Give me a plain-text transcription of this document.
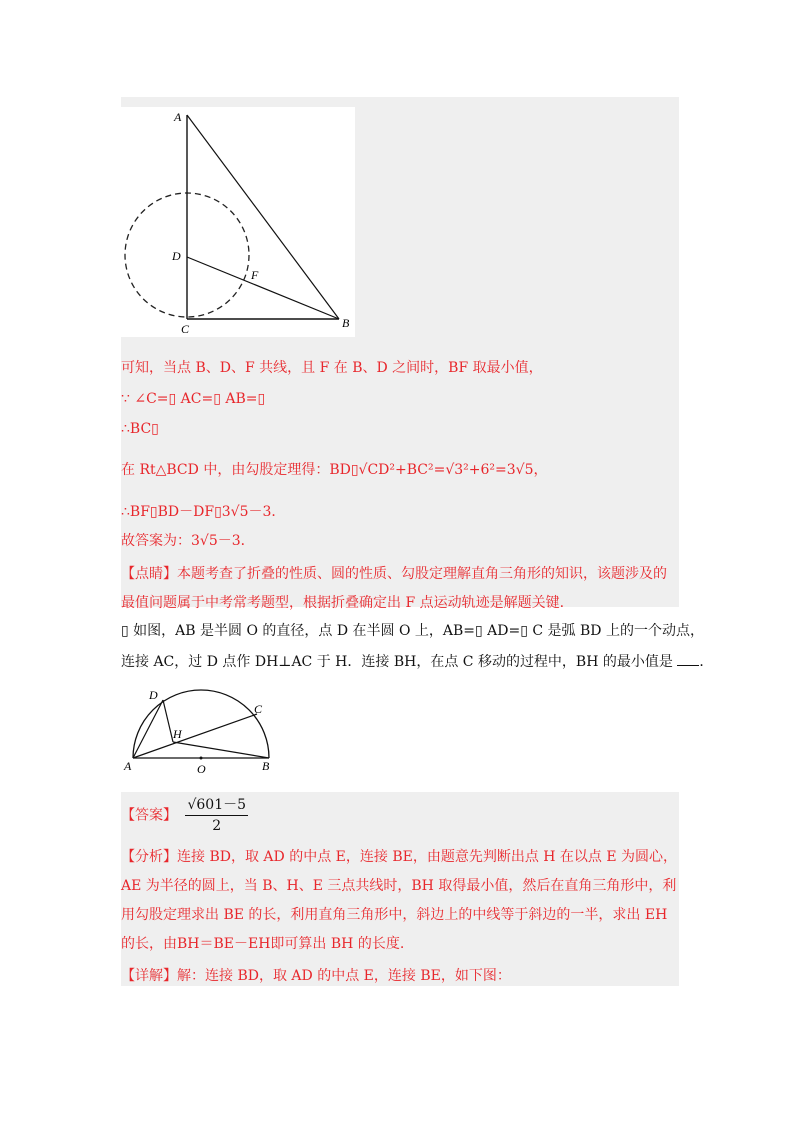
A
D
F
C	B
可知，当点 B、D、F 共线，且 F 在 B、D 之间时，BF 取最小值，
∵ ∠C=▯ AC=▯ AB=▯
∴BC▯
在 Rt△BCD 中，由勾股定理得：BD▯√CD²+BC²=√3²+6²=3√5，
∴BF▯BD－DF▯3√5－3．
故答案为：3√5－3．
【点睛】本题考查了折叠的性质、圆的性质、勾股定理解直角三角形的知识，该题涉及的最值问题属于中考常考题型，根据折叠确定出 F 点运动轨迹是解题关键.
▯ 如图，AB 是半圆 O 的直径，点 D 在半圆 O 上，AB=▯ AD=▯ C 是弧 BD 上的一个动点，
连接 AC，过 D 点作 DH⊥AC 于 H．连接 BH，在点 C 移动的过程中，BH 的最小值是 ．
D
C
H
A	O	B
【答案】 $\frac{√601-5}{2}$
【分析】连接 BD，取 AD 的中点 E，连接 BE，由题意先判断出点 H 在以点 E 为圆心，AE 为半径的圆上，当 B、H、E 三点共线时，BH 取得最小值，然后在直角三角形中，利用勾股定理求出 BE 的长，利用直角三角形中，斜边上的中线等于斜边的一半，求出 EH 的长，由BH＝BE－EH即可算出 BH 的长度.
【详解】解：连接 BD，取 AD 的中点 E，连接 BE，如下图：
